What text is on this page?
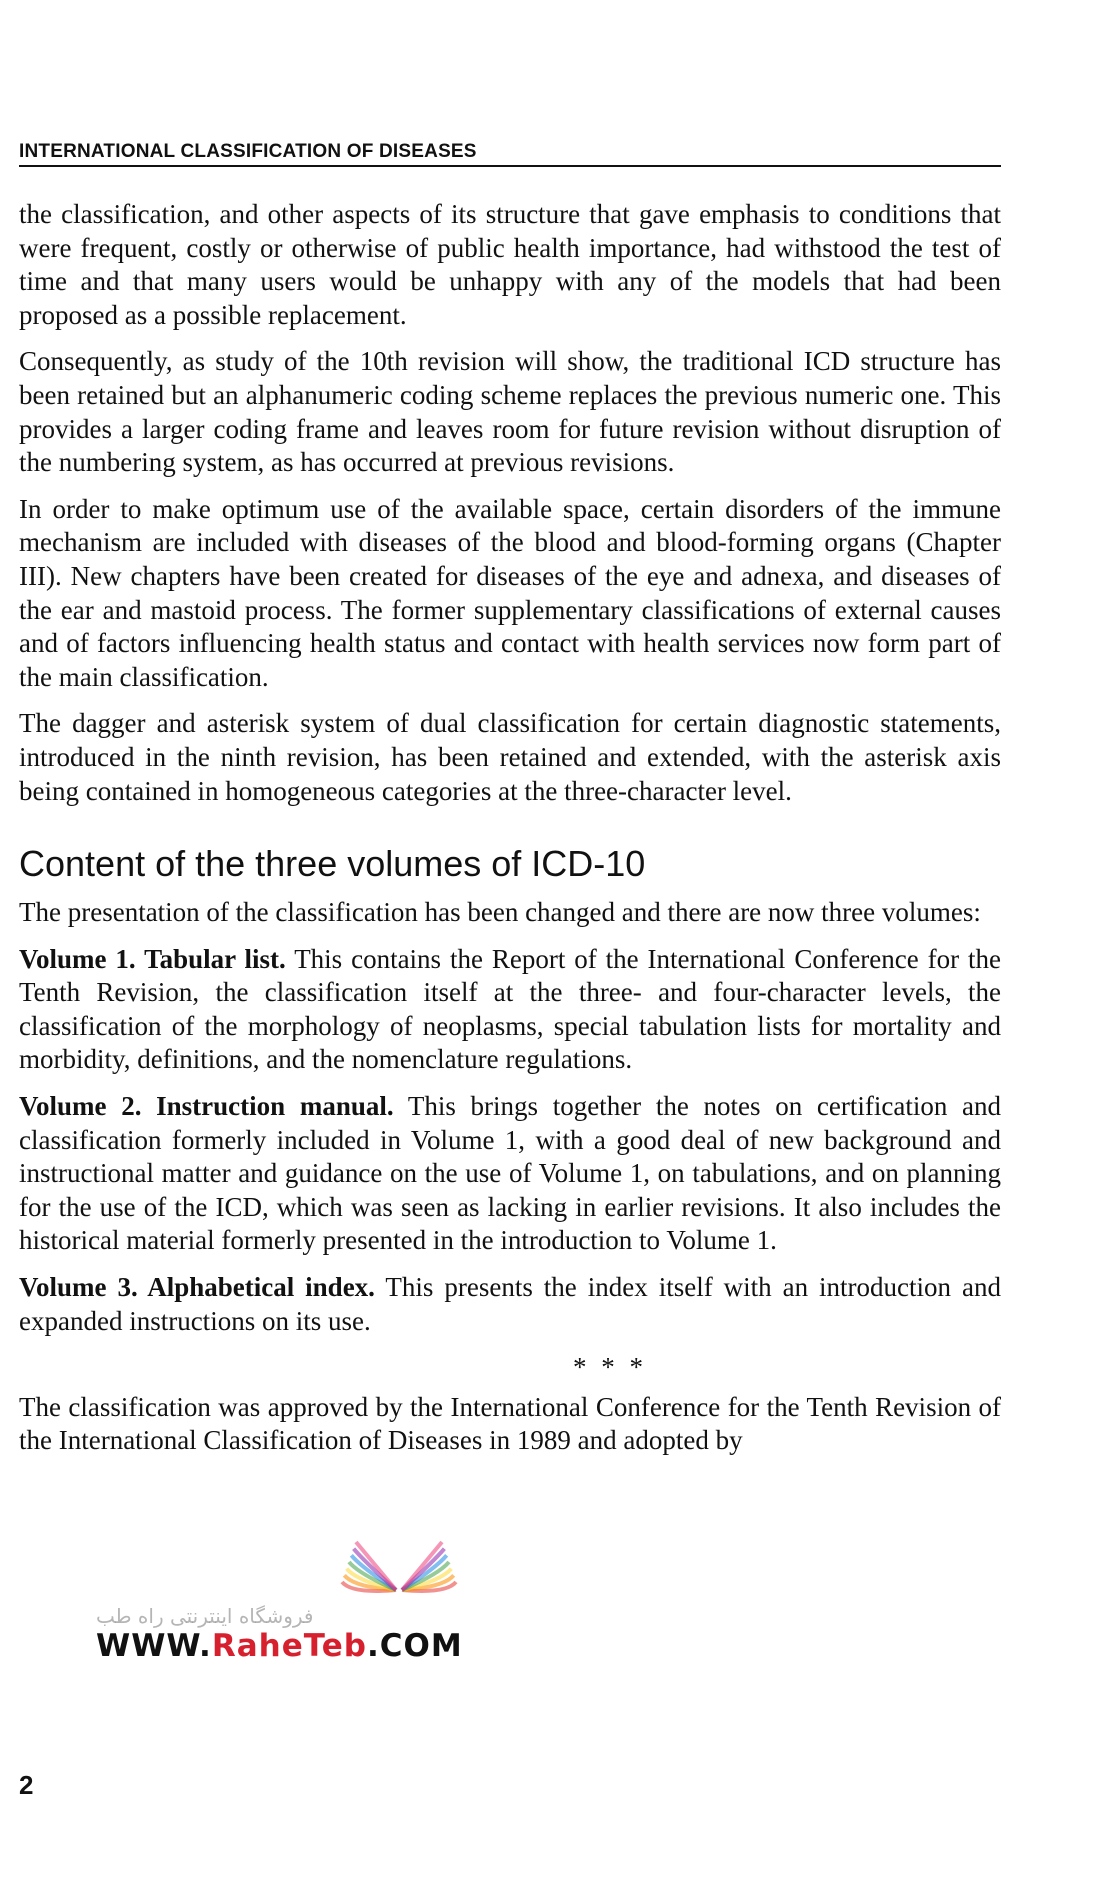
INTERNATIONAL CLASSIFICATION OF DISEASES

the classification, and other aspects of its structure that gave emphasis to conditions that were frequent, costly or otherwise of public health importance, had withstood the test of time and that many users would be unhappy with any of the models that had been proposed as a possible replacement.

Consequently, as study of the 10th revision will show, the traditional ICD structure has been retained but an alphanumeric coding scheme replaces the previous numeric one. This provides a larger coding frame and leaves room for future revision without disruption of the numbering system, as has occurred at previous revisions.

In order to make optimum use of the available space, certain disorders of the immune mechanism are included with diseases of the blood and blood-forming organs (Chapter III). New chapters have been created for diseases of the eye and adnexa, and diseases of the ear and mastoid process. The former supplementary classifications of external causes and of factors influencing health status and contact with health services now form part of the main classification.

The dagger and asterisk system of dual classification for certain diagnostic statements, introduced in the ninth revision, has been retained and extended, with the asterisk axis being contained in homogeneous categories at the three-character level.

Content of the three volumes of ICD-10

The presentation of the classification has been changed and there are now three volumes:

Volume 1. Tabular list. This contains the Report of the International Conference for the Tenth Revision, the classification itself at the three- and four-character levels, the classification of the morphology of neoplasms, special tabulation lists for mortality and morbidity, definitions, and the nomenclature regulations.

Volume 2. Instruction manual. This brings together the notes on certification and classification formerly included in Volume 1, with a good deal of new background and instructional matter and guidance on the use of Volume 1, on tabulations, and on planning for the use of the ICD, which was seen as lacking in earlier revisions. It also includes the historical material formerly presented in the introduction to Volume 1.

Volume 3. Alphabetical index. This presents the index itself with an introduction and expanded instructions on its use.

* * *

The classification was approved by the International Conference for the Tenth Revision of the International Classification of Diseases in 1989 and adopted by

فروشگاه اینترنتی راه طب
WWW.RaheTeb.COM
2
